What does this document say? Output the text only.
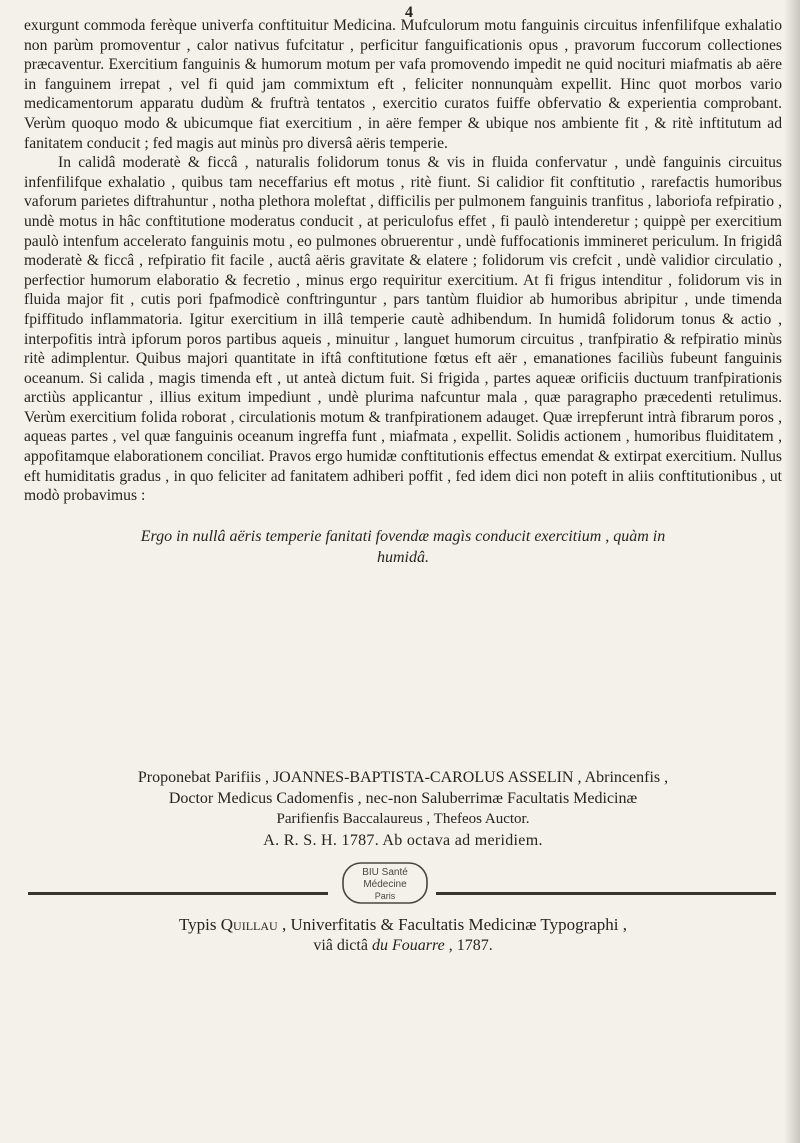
4

exurgunt commoda ferèque univerfa conftituitur Medicina. Mufculorum motu fanguinis circuitus infenfilifque exhalatio non parùm promoventur , calor nativus fufcitatur , perficitur fanguificationis opus , pravorum fuccorum collectiones præcaventur. Exercitium fanguinis & humorum motum per vafa promovendo impedit ne quid nocituri miafmatis ab aëre in fanguinem irrepat , vel fi quid jam commixtum eft , feliciter nonnunquàm expellit. Hinc quot morbos vario medicamentorum apparatu dudùm & fruftrà tentatos , exercitio curatos fuiffe obfervatio & experientia comprobant. Verùm quoquo modo & ubicumque fiat exercitium , in aëre femper & ubique nos ambiente fit , & ritè inftitutum ad fanitatem conducit ; fed magis aut minùs pro diversâ aëris temperie.

In calidâ moderatè & ficcâ , naturalis folidorum tonus & vis in fluida confervatur , undè fanguinis circuitus infenfilifque exhalatio , quibus tam neceffarius eft motus , ritè fiunt. Si calidior fit conftitutio , rarefactis humoribus vaforum parietes diftrahuntur , notha plethora moleftat , difficilis per pulmonem fanguinis tranfitus , laboriofa refpiratio , undè motus in hâc conftitutione moderatus conducit , at periculofus effet , fi paulò intenderetur ; quippè per exercitium paulò intenfum accelerato fanguinis motu , eo pulmones obruerentur , undè fuffocationis immineret periculum. In frigidâ moderatè & ficcâ , refpiratio fit facile , auctâ aëris gravitate & elatere ; folidorum vis crefcit , undè validior circulatio , perfectior humorum elaboratio & fecretio , minus ergo requiritur exercitium. At fi frigus intenditur , folidorum vis in fluida major fit , cutis pori fpafmodicè conftringuntur , pars tantùm fluidior ab humoribus abripitur , unde timenda fpiffitudo inflammatoria. Igitur exercitium in illâ temperie cautè adhibendum. In humidâ folidorum tonus & actio , interpofitis intrà ipforum poros partibus aqueis , minuitur , languet humorum circuitus , tranfpiratio & refpiratio minùs ritè adimplentur. Quibus majori quantitate in iftâ conftitutione fœtus eft aër , emanationes faciliùs fubeunt fanguinis oceanum. Si calida , magis timenda eft , ut anteà dictum fuit. Si frigida , partes aqueæ orificiis ductuum tranfpirationis arctiùs applicantur , illius exitum impediunt , undè plurima nafcuntur mala , quæ paragrapho præcedenti retulimus. Verùm exercitium folida roborat , circulationis motum & tranfpirationem adauget. Quæ irrepferunt intrà fibrarum poros , aqueas partes , vel quæ fanguinis oceanum ingreffa funt , miafmata , expellit. Solidis actionem , humoribus fluiditatem , appofitamque elaborationem conciliat. Pravos ergo humidæ conftitutionis effectus emendat & extirpat exercitium. Nullus eft humiditatis gradus , in quo feliciter ad fanitatem adhiberi poffit , fed idem dici non poteft in aliis conftitutionibus , ut modò probavimus :

Ergo in nullâ aëris temperie fanitati fovendæ magìs conducit exercitium , quàm in
humidâ.

Proponebat Parifiis , JOANNES-BAPTISTA-CAROLUS ASSELIN , Abrincenfis ,

Doctor Medicus Cadomenfis , nec-non Saluberrimæ Facultatis Medicinæ

Parifienfis Baccalaureus , Thefeos Auctor.

A. R. S. H. 1787. Ab octava ad meridiem.

BIU Santé
Médecine
Paris

Typis Quillau , Univerfitatis & Facultatis Medicinæ Typographi ,

viâ dictâ du Fouarre , 1787.
